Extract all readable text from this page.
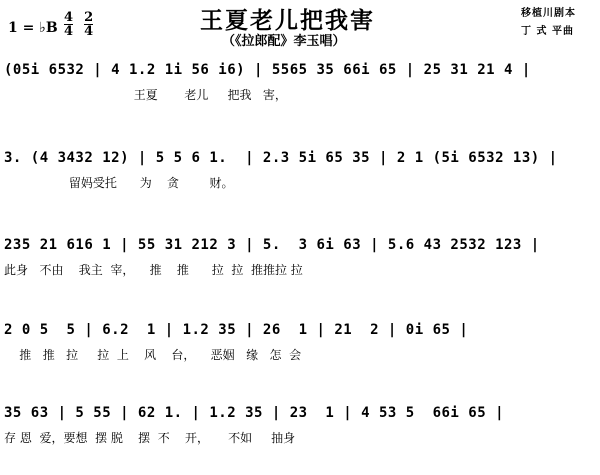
王夏老儿把我害
（《拉郎配》李玉唱）
移植川剧本
丁 式 平曲
1 = ♭B $\frac{4}{4} \frac{2}{4}$
(05i 6532 | 4 1.2 1i 56 i6) | 5565 35 66i 65 | 25 31 21 4 |
王夏       老儿     把我   害，
3. (4 3432 12) | 5 5 6 1.  | 2.3 5i 65 35 | 2 1 (5i 6532 13) |
留妈受托      为    贪        财。
235 21 616 1 | 55 31 212 3 | 5.  3 6i 63 | 5.6 43 2532 123 |
此身   不由    我主  宰，    推    推      拉  拉  推推拉 拉
2 0 5  5 | 6.2  1 | 1.2 35 | 26  1 | 21  2 | 0i 65 |
推   推   拉     拉  上    风    台，    恶姻   缘   怎  会
35 63 | 5 55 | 62 1. | 1.2 35 | 23  1 | 4 53 5  66i 65 |
存 恩  爱，要想  摆 脱    摆  不    开，     不如     抽身
